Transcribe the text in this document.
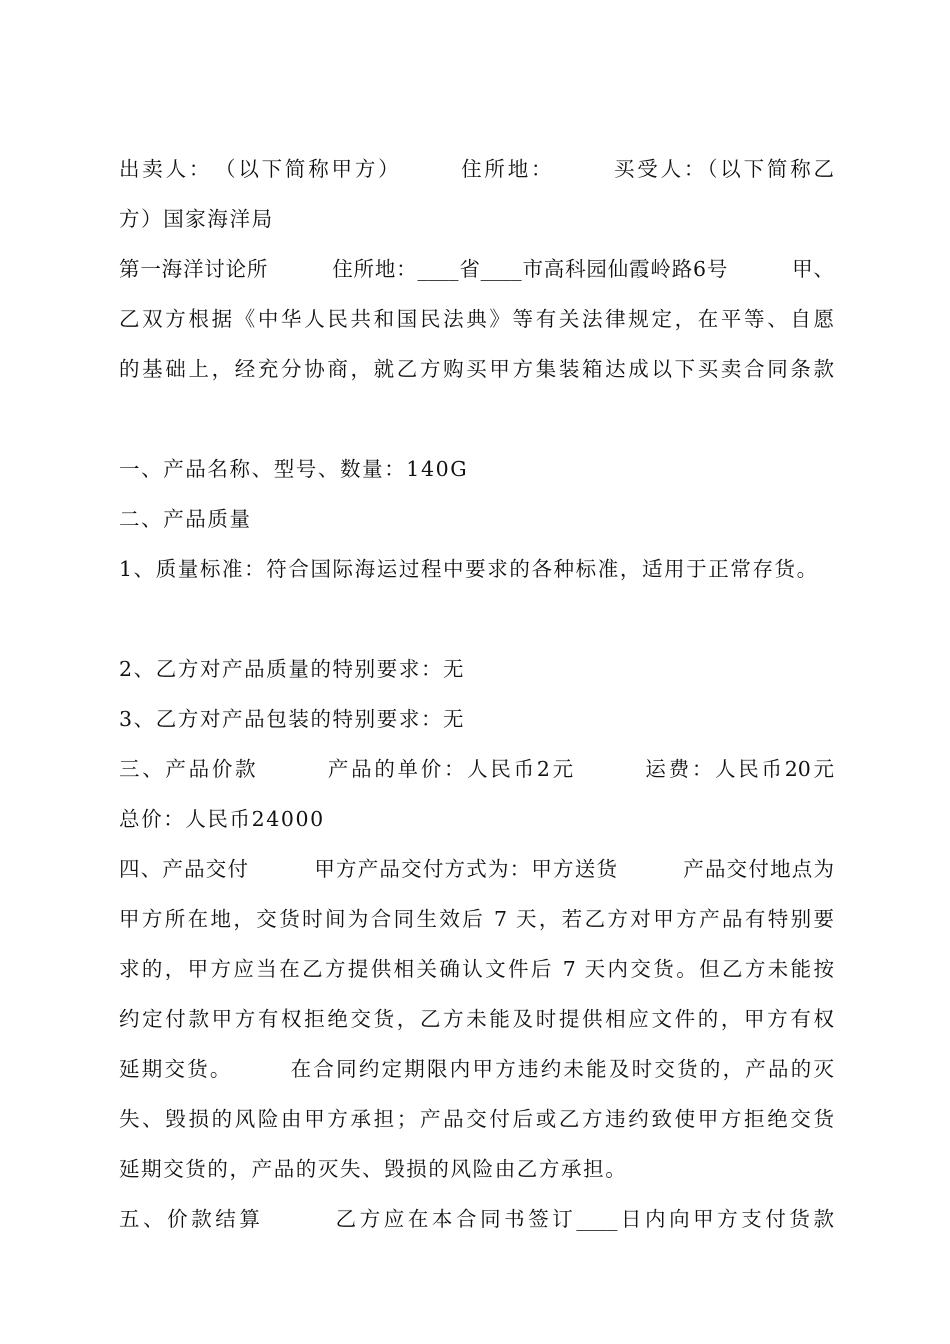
出卖人：　（以下简称甲方）　　　住所地：　　　买受人：（以下简称乙
方）国家海洋局
第一海洋讨论所　　　住所地：____省____市高科园仙霞岭路6号　　　甲、
乙双方根据《中华人民共和国民法典》等有关法律规定，在平等、自愿
的基础上，经充分协商，就乙方购买甲方集装箱达成以下买卖合同条款
一、产品名称、型号、数量：140G
二、产品质量
1、质量标准：符合国际海运过程中要求的各种标准，适用于正常存货。
2、乙方对产品质量的特别要求：无
3、乙方对产品包装的特别要求：无
三、产品价款　　　产品的单价：人民币2元　　　运费：人民币20元
总价：人民币24000
四、产品交付　　　甲方产品交付方式为：甲方送货　　　产品交付地点为
甲方所在地，交货时间为合同生效后 7 天，若乙方对甲方产品有特别要
求的，甲方应当在乙方提供相关确认文件后 7 天内交货。但乙方未能按
约定付款甲方有权拒绝交货，乙方未能及时提供相应文件的，甲方有权
延期交货。　　　在合同约定期限内甲方违约未能及时交货的，产品的灭
失、毁损的风险由甲方承担；产品交付后或乙方违约致使甲方拒绝交货
延期交货的，产品的灭失、毁损的风险由乙方承担。
五、价款结算　　　乙方应在本合同书签订____日内向甲方支付货款
